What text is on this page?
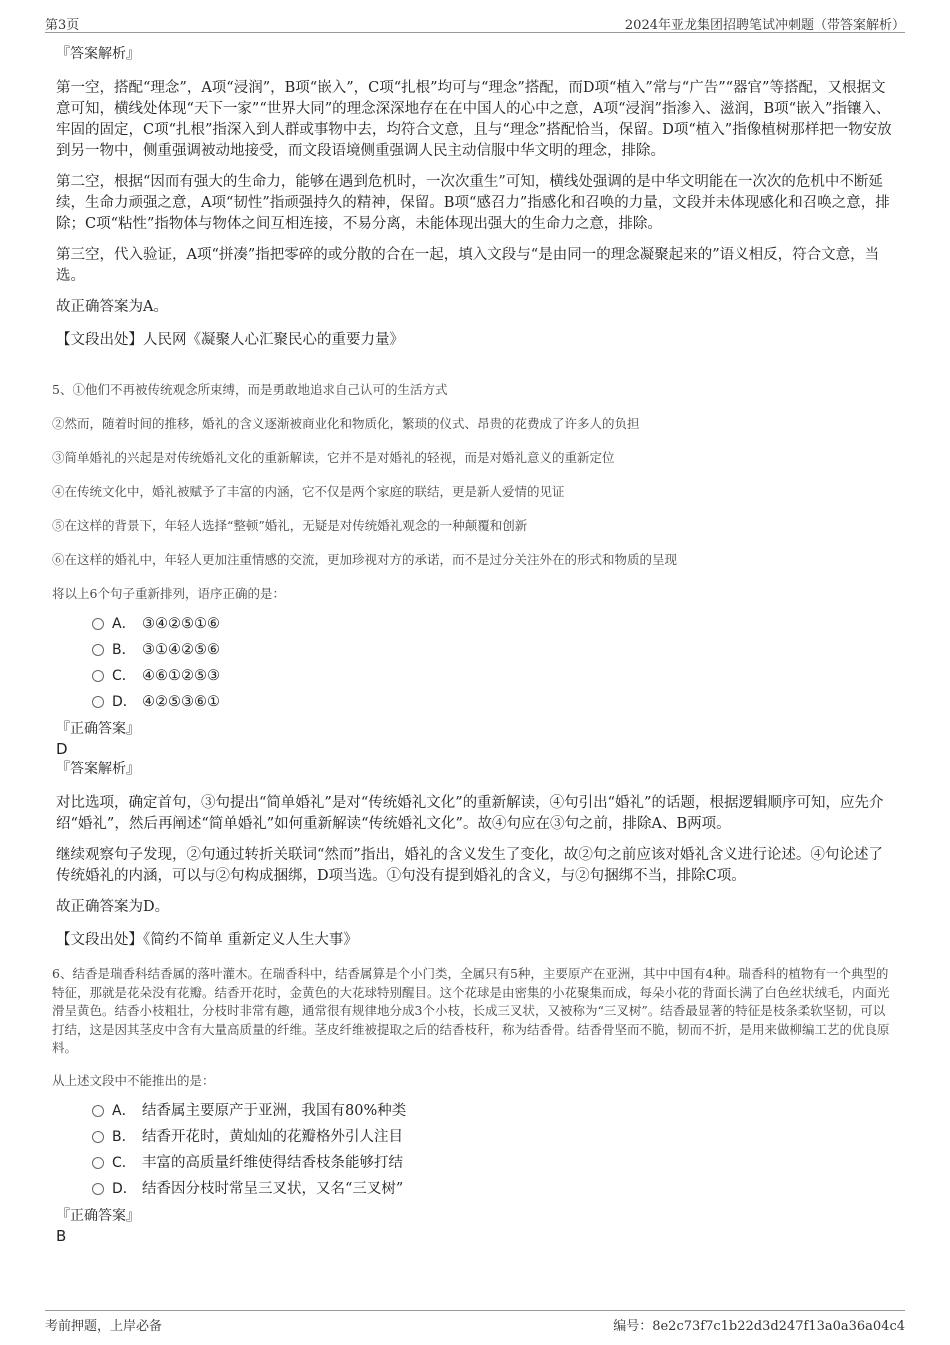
第3页	2024年亚龙集团招聘笔试冲刺题（带答案解析）
『答案解析』
第一空，搭配“理念”，A项“浸润”，B项“嵌入”，C项“扎根”均可与“理念”搭配，而D项“植入”常与“广告”“器官”等搭配，又根据文意可知，横线处体现“天下一家”“世界大同”的理念深深地存在在中国人的心中之意，A项“浸润”指渗入、滋润，B项“嵌入”指镶入、牢固的固定，C项“扎根”指深入到人群或事物中去，均符合文意，且与“理念”搭配恰当，保留。D项“植入”指像植树那样把一物安放到另一物中，侧重强调被动地接受，而文段语境侧重强调人民主动信服中华文明的理念，排除。
第二空，根据“因而有强大的生命力，能够在遇到危机时，一次次重生”可知，横线处强调的是中华文明能在一次次的危机中不断延续，生命力顽强之意，A项“韧性”指顽强持久的精神，保留。B项“感召力”指感化和召唤的力量，文段并未体现感化和召唤之意，排除；C项“粘性”指物体与物体之间互相连接，不易分离，未能体现出强大的生命力之意，排除。
第三空，代入验证，A项“拼凑”指把零碎的或分散的合在一起，填入文段与“是由同一的理念凝聚起来的”语义相反，符合文意，当选。
故正确答案为A。
【文段出处】人民网《凝聚人心汇聚民心的重要力量》
5、①他们不再被传统观念所束缚，而是勇敢地追求自己认可的生活方式
②然而，随着时间的推移，婚礼的含义逐渐被商业化和物质化，繁琐的仪式、昂贵的花费成了许多人的负担
③简单婚礼的兴起是对传统婚礼文化的重新解读，它并不是对婚礼的轻视，而是对婚礼意义的重新定位
④在传统文化中，婚礼被赋予了丰富的内涵，它不仅是两个家庭的联结，更是新人爱情的见证
⑤在这样的背景下，年轻人选择“整顿”婚礼，无疑是对传统婚礼观念的一种颠覆和创新
⑥在这样的婚礼中，年轻人更加注重情感的交流，更加珍视对方的承诺，而不是过分关注外在的形式和物质的呈现
将以上6个句子重新排列，语序正确的是：
A． ③④②⑤①⑥
B． ③①④②⑤⑥
C． ④⑥①②⑤③
D． ④②⑤③⑥①
『正确答案』
D
『答案解析』
对比选项，确定首句，③句提出“简单婚礼”是对“传统婚礼文化”的重新解读，④句引出“婚礼”的话题，根据逻辑顺序可知，应先介绍“婚礼”，然后再阐述“简单婚礼”如何重新解读“传统婚礼文化”。故④句应在③句之前，排除A、B两项。
继续观察句子发现，②句通过转折关联词“然而”指出，婚礼的含义发生了变化，故②句之前应该对婚礼含义进行论述。④句论述了传统婚礼的内涵，可以与②句构成捆绑，D项当选。①句没有提到婚礼的含义，与②句捆绑不当，排除C项。
故正确答案为D。
【文段出处】《简约不简单 重新定义人生大事》
6、结香是瑞香科结香属的落叶灌木。在瑞香科中，结香属算是个小门类，全属只有5种，主要原产在亚洲，其中中国有4种。瑞香科的植物有一个典型的特征，那就是花朵没有花瓣。结香开花时，金黄色的大花球特别醒目。这个花球是由密集的小花聚集而成，每朵小花的背面长满了白色丝状绒毛，内面光滑呈黄色。结香小枝粗壮，分枝时非常有趣，通常很有规律地分成3个小枝，长成三叉状，又被称为“三叉树”。结香最显著的特征是枝条柔软坚韧，可以打结，这是因其茎皮中含有大量高质量的纤维。茎皮纤维被提取之后的结香枝秆，称为结香骨。结香骨坚而不脆，韧而不折，是用来做柳编工艺的优良原料。
从上述文段中不能推出的是：
A． 结香属主要原产于亚洲，我国有80%种类
B． 结香开花时，黄灿灿的花瓣格外引人注目
C． 丰富的高质量纤维使得结香枝条能够打结
D． 结香因分枝时常呈三叉状，又名“三叉树”
『正确答案』
B
考前押题，上岸必备	编号：8e2c73f7c1b22d3d247f13a0a36a04c4
